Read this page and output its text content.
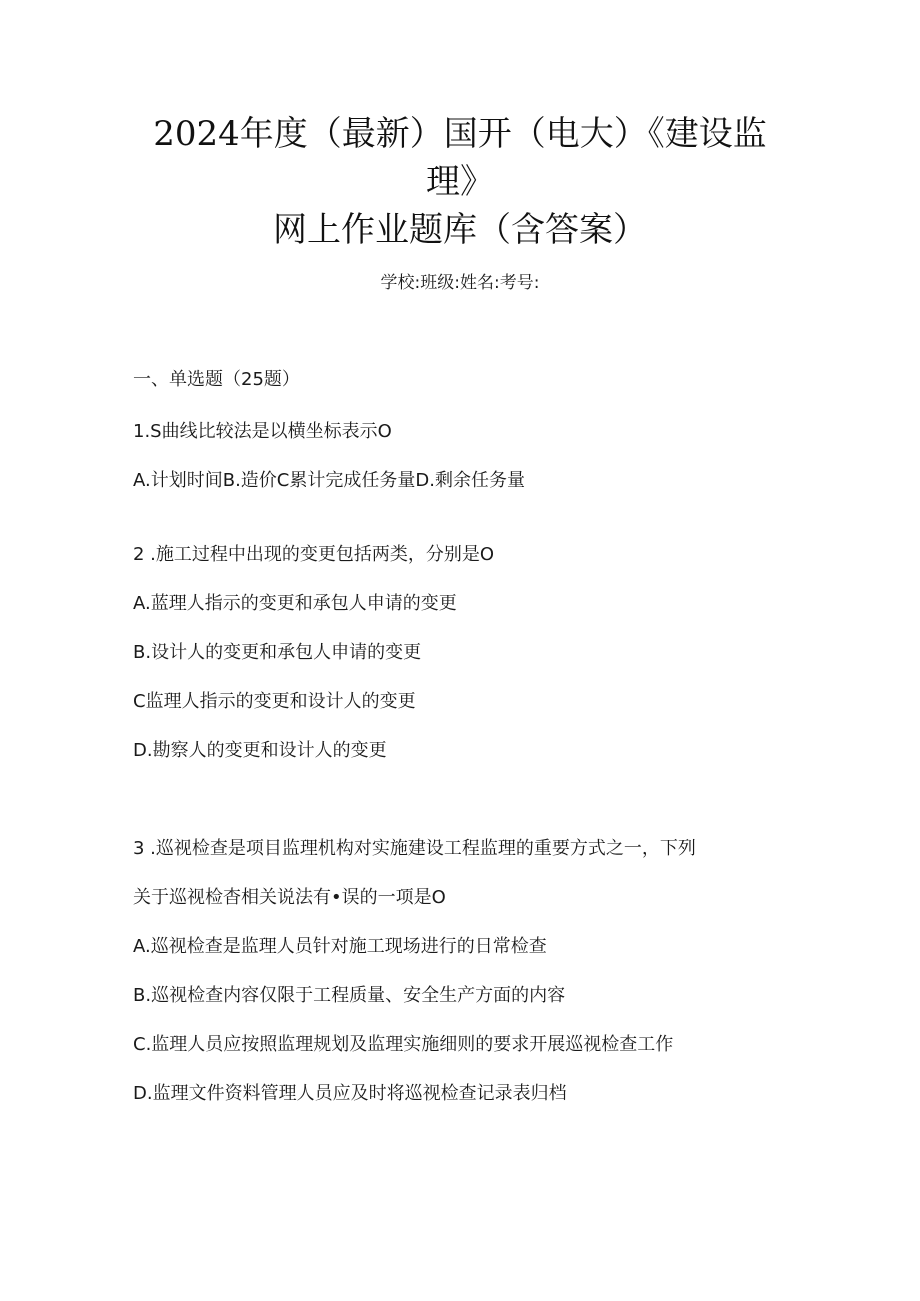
2024年度（最新）国开（电大）《建设监
理》
网上作业题库（含答案）
学校:班级:姓名:考号:
一、单选题（25题）
1.S曲线比较法是以横坐标表示O
A.计划时间B.造价C累计完成任务量D.剩余任务量
2 .施工过程中出现的变更包括两类，分别是O
A.蓝理人指示的变更和承包人申请的变更
B.设计人的变更和承包人申请的变更
C监理人指示的变更和设计人的变更
D.勘察人的变更和设计人的变更
3 .巡视检查是项目监理机构对实施建设工程监理的重要方式之一，下列
关于巡视检杳相关说法有•误的一项是O
A.巡视检查是监理人员针对施工现场进行的日常检查
B.巡视检查内容仅限于工程质量、安全生产方面的内容
C.监理人员应按照监理规划及监理实施细则的要求开展巡视检查工作
D.监理文件资料管理人员应及时将巡视检查记录表归档
